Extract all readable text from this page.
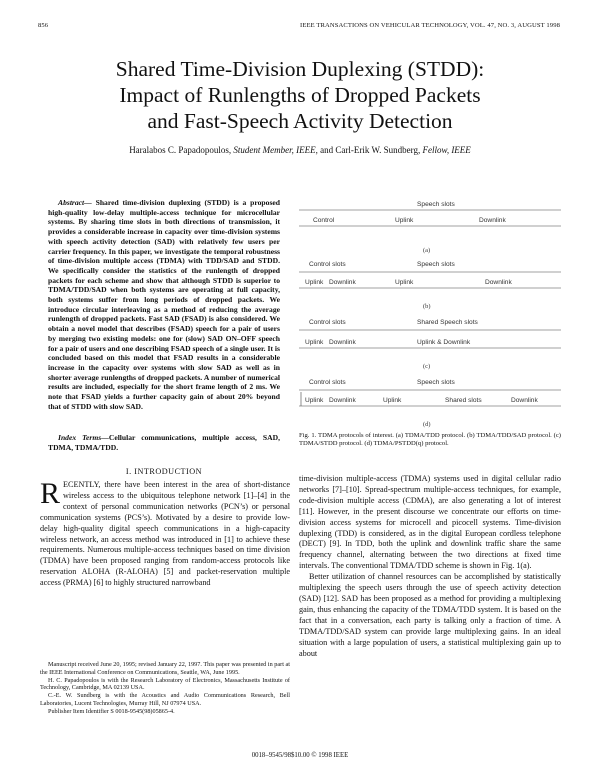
856	IEEE TRANSACTIONS ON VEHICULAR TECHNOLOGY, VOL. 47, NO. 3, AUGUST 1998
Shared Time-Division Duplexing (STDD):
Impact of Runlengths of Dropped Packets
and Fast-Speech Activity Detection
Haralabos C. Papadopoulos, Student Member, IEEE, and Carl-Erik W. Sundberg, Fellow, IEEE
Abstract— Shared time-division duplexing (STDD) is a proposed high-quality low-delay multiple-access technique for microcellular systems. By sharing time slots in both directions of transmission, it provides a considerable increase in capacity over time-division systems with speech activity detection (SAD) with relatively few users per carrier frequency. In this paper, we investigate the temporal robustness of time-division multiple access (TDMA) with TDD/SAD and STDD. We specifically consider the statistics of the runlength of dropped packets for each scheme and show that although STDD is superior to TDMA/TDD/SAD when both systems are operating at full capacity, both systems suffer from long periods of dropped packets. We introduce circular interleaving as a method of reducing the average runlength of dropped packets. Fast SAD (FSAD) is also considered. We obtain a novel model that describes (FSAD) speech for a pair of users by merging two existing models: one for (slow) SAD ON–OFF speech for a pair of users and one describing FSAD speech of a single user. It is concluded based on this model that FSAD results in a considerable increase in the capacity over systems with slow SAD as well as in shorter average runlengths of dropped packets. A number of numerical results are included, especially for the short frame length of 2 ms. We note that FSAD yields a further capacity gain of about 20% beyond that of STDD with slow SAD.
Index Terms—Cellular communications, multiple access, SAD, TDMA, TDMA/TDD.
I. INTRODUCTION
RECENTLY, there have been interest in the area of short-distance wireless access to the ubiquitous telephone network [1]–[4] in the context of personal communication networks (PCN’s) or personal communication systems (PCS’s). Motivated by a desire to provide low-delay high-quality digital speech communications in a high-capacity wireless network, an access method was introduced in [1] to achieve these requirements. Numerous multiple-access techniques based on time division (TDMA) have been proposed ranging from random-access protocols like reservation ALOHA (R-ALOHA) [5] and packet-reservation multiple access (PRMA) [6] to highly structured narrowband

Manuscript received June 20, 1995; revised January 22, 1997. This paper was presented in part at the IEEE International Conference on Communications, Seattle, WA, June 1995.

H. C. Papadopoulos is with the Research Laboratory of Electronics, Massachusetts Institute of Technology, Cambridge, MA 02139 USA.

C.-E. W. Sundberg is with the Acoustics and Audio Communications Research, Bell Laboratories, Lucent Technologies, Murray Hill, NJ 07974 USA.

Publisher Item Identifier S 0018-9545(98)05865-4.

Speech slots
Control	Uplink	Downlink
(a)
Control slots	Speech slots
Uplink Downlink	Uplink	Downlink
(b)
Control slots	Shared Speech slots
Uplink Downlink	Uplink & Downlink
(c)
Control slots	Speech slots
Uplink Downlink	Uplink	Shared slots	Downlink
(d)
Fig. 1. TDMA protocols of interest. (a) TDMA/TDD protocol. (b) TDMA/TDD/SAD protocol. (c) TDMA/STDD protocol. (d) TDMA/PSTDD(q) protocol.

time-division multiple-access (TDMA) systems used in digital cellular radio networks [7]–[10]. Spread-spectrum multiple-access techniques, for example, code-division multiple access (CDMA), are also generating a lot of interest [11]. However, in the present discourse we concentrate our efforts on time-division access systems for microcell and picocell systems. Time-division duplexing (TDD) is considered, as in the digital European cordless telephone (DECT) [9]. In TDD, both the uplink and downlink traffic share the same frequency channel, alternating between the two directions at fixed time intervals. The conventional TDMA/TDD scheme is shown in Fig. 1(a).

Better utilization of channel resources can be accomplished by statistically multiplexing the speech users through the use of speech activity detection (SAD) [12]. SAD has been proposed as a method for providing a multiplexing gain, thus enhancing the capacity of the TDMA/TDD system. It is based on the fact that in a conversation, each party is talking only a fraction of time. A TDMA/TDD/SAD system can provide large multiplexing gains. In an ideal situation with a large population of users, a statistical multiplexing gain up to about

0018–9545/98$10.00 © 1998 IEEE
